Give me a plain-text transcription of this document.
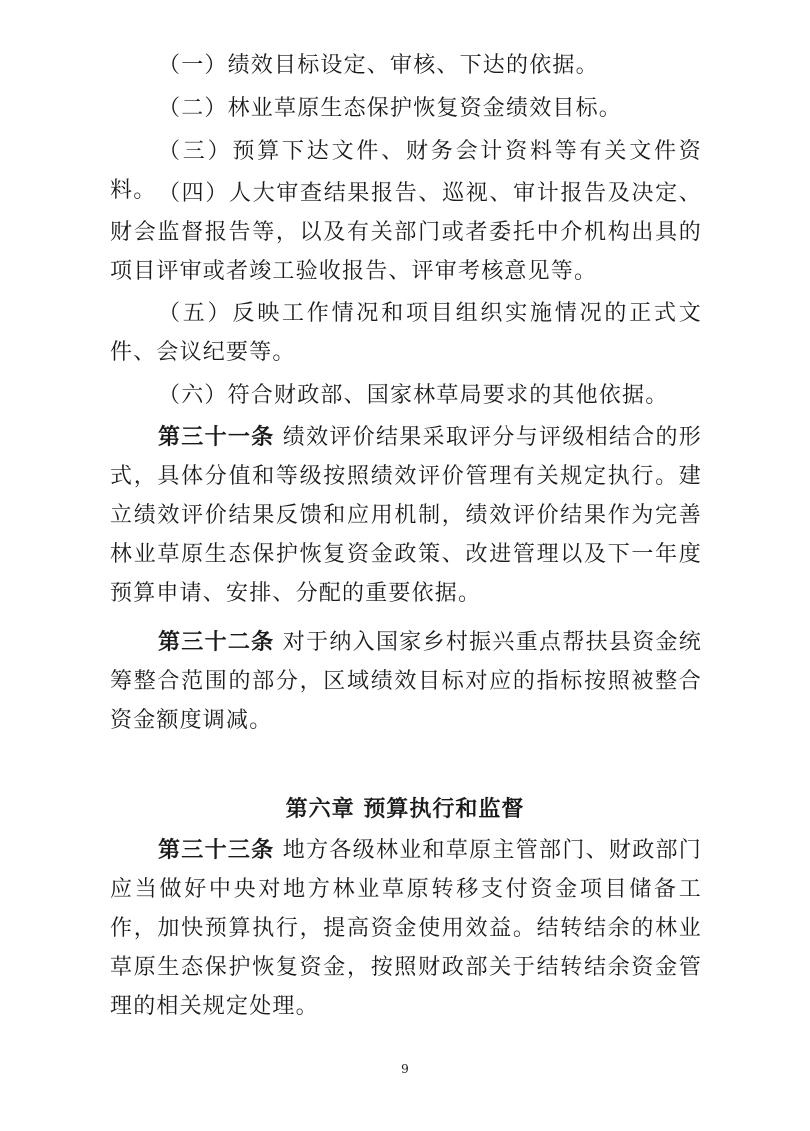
（一）绩效目标设定、审核、下达的依据。

（二）林业草原生态保护恢复资金绩效目标。

（三）预算下达文件、财务会计资料等有关文件资料。 （四）人大审查结果报告、巡视、审计报告及决定、财会监督报告等，以及有关部门或者委托中介机构出具的项目评审或者竣工验收报告、评审考核意见等。

（五）反映工作情况和项目组织实施情况的正式文件、会议纪要等。

（六）符合财政部、国家林草局要求的其他依据。

第三十一条 绩效评价结果采取评分与评级相结合的形式，具体分值和等级按照绩效评价管理有关规定执行。建立绩效评价结果反馈和应用机制，绩效评价结果作为完善林业草原生态保护恢复资金政策、改进管理以及下一年度预算申请、安排、分配的重要依据。

第三十二条 对于纳入国家乡村振兴重点帮扶县资金统筹整合范围的部分，区域绩效目标对应的指标按照被整合资金额度调减。

第六章 预算执行和监督

第三十三条 地方各级林业和草原主管部门、财政部门应当做好中央对地方林业草原转移支付资金项目储备工作，加快预算执行，提高资金使用效益。结转结余的林业草原生态保护恢复资金，按照财政部关于结转结余资金管理的相关规定处理。

9
